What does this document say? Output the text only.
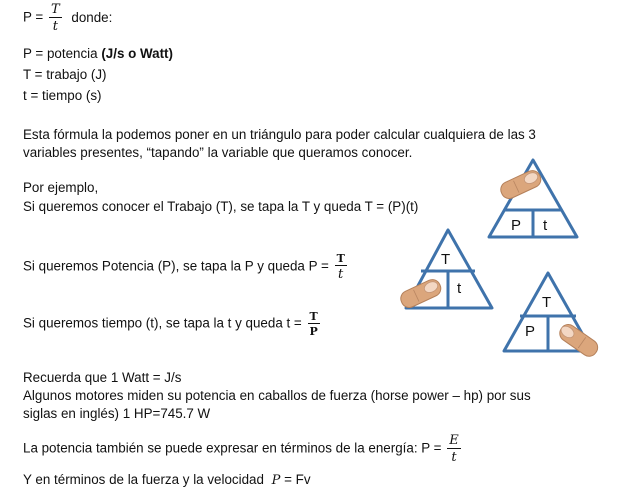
$P = \frac{T}{t}$ donde:
P = potencia (J/s o Watt)
T = trabajo (J)
t = tiempo (s)
Esta fórmula la podemos poner en un triángulo para poder calcular cualquiera de las 3
variables presentes, “tapando” la variable que queramos conocer.
Por ejemplo,
Si queremos conocer el Trabajo (T), se tapa la T y queda T = (P)(t)
Si queremos Potencia (P), se tapa la P y queda $P = \frac{T}{t}$
Si queremos tiempo (t), se tapa la t y queda $t = \frac{T}{P}$
P t
T
t
T
P
Recuerda que 1 Watt = J/s
Algunos motores miden su potencia en caballos de fuerza (horse power – hp) por sus
siglas en inglés) 1 HP=745.7 W
La potencia también se puede expresar en términos de la energía: $P = \frac{E}{t}$
Y en términos de la fuerza y la velocidad P = Fv
